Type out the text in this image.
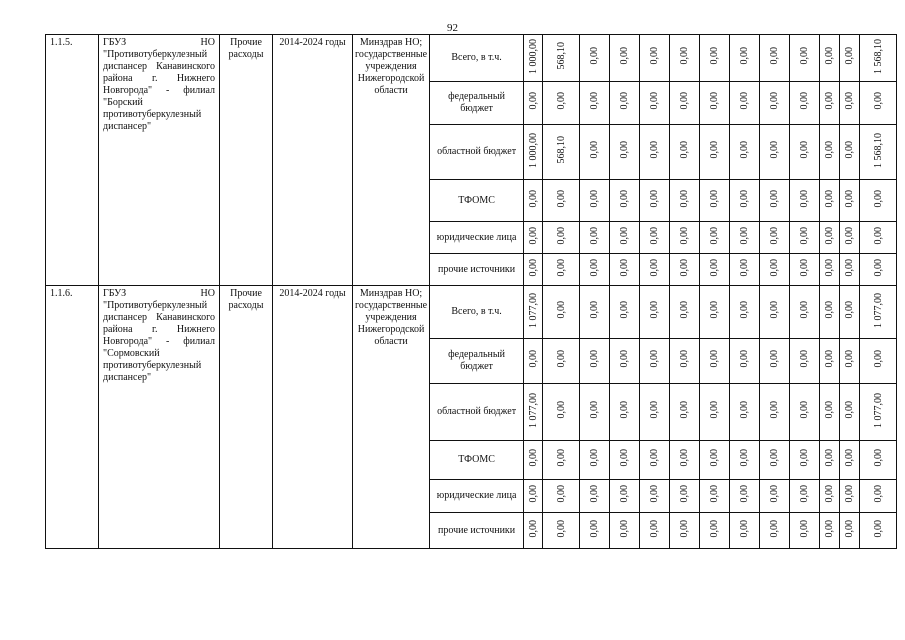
92
1.1.5.	ГБУЗ НО "Противотуберкулезный диспансер Канавинского района г. Нижнего Новгорода" - филиал "Борский противотуберкулезный диспансер"	Прочие расходы	2014-2024 годы	Минздрав НО; государственные учреждения Нижегородской области	Всего, в т.ч.	1 000,00	568,10	0,00	0,00	0,00	0,00	0,00	0,00	0,00	0,00	0,00	0,00	1 568,10
					федеральный бюджет	0,00	0,00	0,00	0,00	0,00	0,00	0,00	0,00	0,00	0,00	0,00	0,00	0,00
					областной бюджет	1 000,00	568,10	0,00	0,00	0,00	0,00	0,00	0,00	0,00	0,00	0,00	0,00	1 568,10
					ТФОМС	0,00	0,00	0,00	0,00	0,00	0,00	0,00	0,00	0,00	0,00	0,00	0,00	0,00
					юридические лица	0,00	0,00	0,00	0,00	0,00	0,00	0,00	0,00	0,00	0,00	0,00	0,00	0,00
					прочие источники	0,00	0,00	0,00	0,00	0,00	0,00	0,00	0,00	0,00	0,00	0,00	0,00	0,00
1.1.6.	ГБУЗ НО "Противотуберкулезный диспансер Канавинского района г. Нижнего Новгорода" - филиал "Сормовский противотуберкулезный диспансер"	Прочие расходы	2014-2024 годы	Минздрав НО; государственные учреждения Нижегородской области	Всего, в т.ч.	1 077,00	0,00	0,00	0,00	0,00	0,00	0,00	0,00	0,00	0,00	0,00	0,00	1 077,00
					федеральный бюджет	0,00	0,00	0,00	0,00	0,00	0,00	0,00	0,00	0,00	0,00	0,00	0,00	0,00
					областной бюджет	1 077,00	0,00	0,00	0,00	0,00	0,00	0,00	0,00	0,00	0,00	0,00	0,00	1 077,00
					ТФОМС	0,00	0,00	0,00	0,00	0,00	0,00	0,00	0,00	0,00	0,00	0,00	0,00	0,00
					юридические лица	0,00	0,00	0,00	0,00	0,00	0,00	0,00	0,00	0,00	0,00	0,00	0,00	0,00
					прочие источники	0,00	0,00	0,00	0,00	0,00	0,00	0,00	0,00	0,00	0,00	0,00	0,00	0,00
